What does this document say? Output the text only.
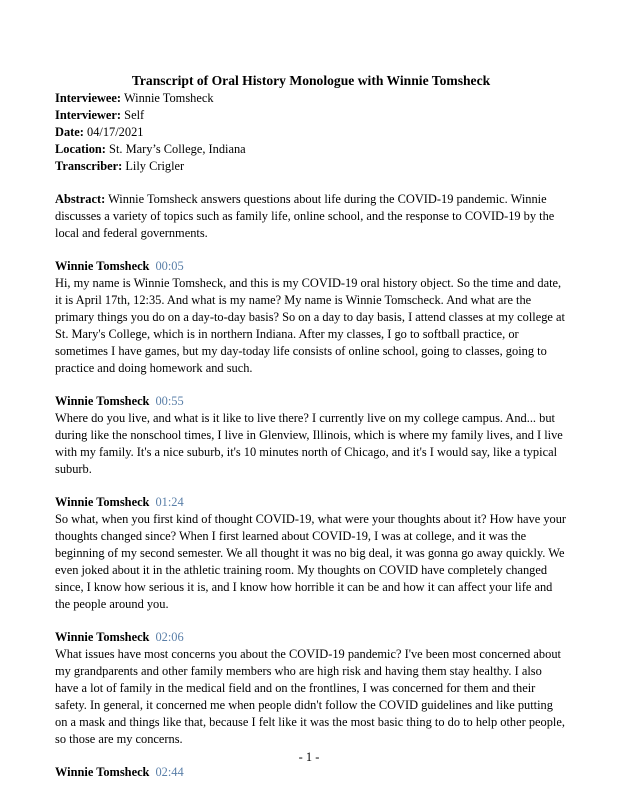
Transcript of Oral History Monologue with Winnie Tomsheck
Interviewee: Winnie Tomsheck
Interviewer: Self
Date: 04/17/2021
Location: St. Mary’s College, Indiana
Transcriber: Lily Crigler
Abstract: Winnie Tomsheck answers questions about life during the COVID-19 pandemic. Winnie discusses a variety of topics such as family life, online school, and the response to COVID-19 by the local and federal governments.
Winnie Tomsheck 00:05
Hi, my name is Winnie Tomsheck, and this is my COVID-19 oral history object. So the time and date, it is April 17th, 12:35. And what is my name? My name is Winnie Tomscheck. And what are the primary things you do on a day-to-day basis? So on a day to day basis, I attend classes at my college at St. Mary's College, which is in northern Indiana. After my classes, I go to softball practice, or sometimes I have games, but my day-today life consists of online school, going to classes, going to practice and doing homework and such.
Winnie Tomsheck 00:55
Where do you live, and what is it like to live there? I currently live on my college campus. And... but during like the nonschool times, I live in Glenview, Illinois, which is where my family lives, and I live with my family. It's a nice suburb, it's 10 minutes north of Chicago, and it's I would say, like a typical suburb.
Winnie Tomsheck 01:24
So what, when you first kind of thought COVID-19, what were your thoughts about it? How have your thoughts changed since? When I first learned about COVID-19, I was at college, and it was the beginning of my second semester. We all thought it was no big deal, it was gonna go away quickly. We even joked about it in the athletic training room. My thoughts on COVID have completely changed since, I know how serious it is, and I know how horrible it can be and how it can affect your life and the people around you.
Winnie Tomsheck 02:06
What issues have most concerns you about the COVID-19 pandemic? I've been most concerned about my grandparents and other family members who are high risk and having them stay healthy. I also have a lot of family in the medical field and on the frontlines, I was concerned for them and their safety. In general, it concerned me when people didn't follow the COVID guidelines and like putting on a mask and things like that, because I felt like it was the most basic thing to do to help other people, so those are my concerns.
Winnie Tomsheck 02:44
- 1 -
